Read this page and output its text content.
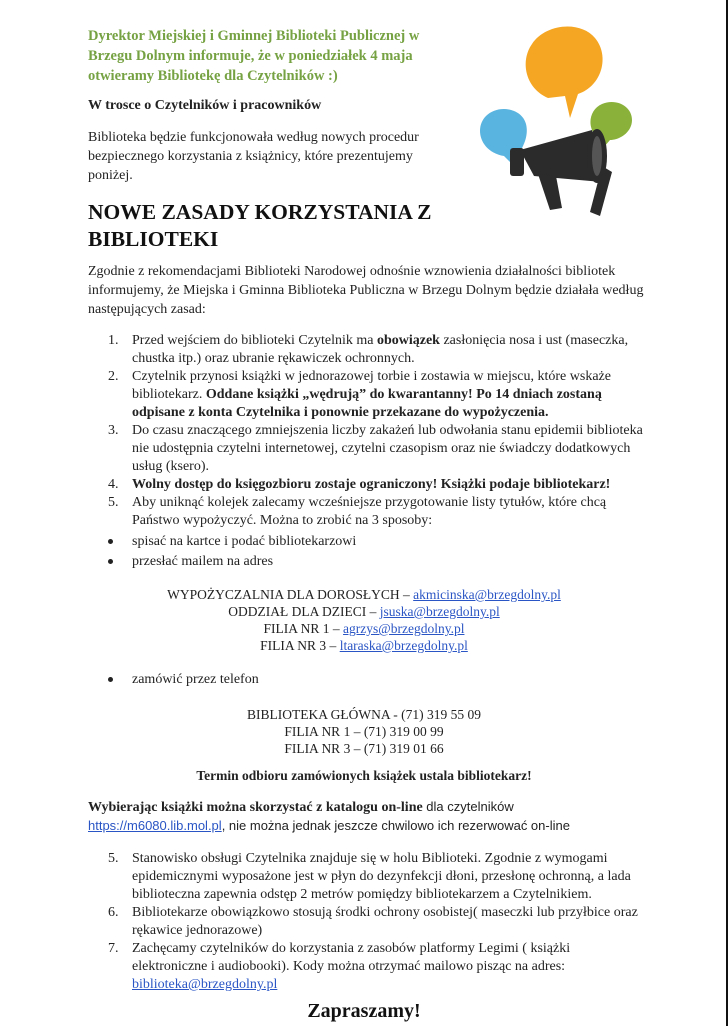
Dyrektor Miejskiej i Gminnej Biblioteki Publicznej w Brzegu Dolnym informuje, że w poniedziałek 4 maja otwieramy Bibliotekę dla Czytelników :)
W trosce o Czytelników i pracowników
Biblioteka będzie funkcjonowała według nowych procedur bezpiecznego korzystania z książnicy, które prezentujemy poniżej.
NOWE ZASADY KORZYSTANIA Z BIBLIOTEKI
Zgodnie z rekomendacjami Biblioteki Narodowej odnośnie wznowienia działalności bibliotek informujemy, że Miejska i Gminna Biblioteka Publiczna w Brzegu Dolnym będzie działała według następujących zasad:
1. Przed wejściem do biblioteki Czytelnik ma obowiązek zasłonięcia nosa i ust (maseczka, chustka itp.) oraz ubranie rękawiczek ochronnych.
2. Czytelnik przynosi książki w jednorazowej torbie i zostawia w miejscu, które wskaże bibliotekarz. Oddane książki „wędrują” do kwarantanny! Po 14 dniach zostaną odpisane z konta Czytelnika i ponownie przekazane do wypożyczenia.
3. Do czasu znaczącego zmniejszenia liczby zakażeń lub odwołania stanu epidemii biblioteka nie udostępnia czytelni internetowej, czytelni czasopism oraz nie świadczy dodatkowych usług (ksero).
4. Wolny dostęp do księgozbioru zostaje ograniczony! Książki podaje bibliotekarz!
5. Aby uniknąć kolejek zalecamy wcześniejsze przygotowanie listy tytułów, które chcą Państwo wypożyczyć. Można to zrobić na 3 sposoby:
spisać na kartce i podać bibliotekarzowi
przesłać mailem na adres
WYPOŻYCZALNIA DLA DOROSŁYCH – akmicinska@brzegdolny.pl
ODDZIAŁ DLA DZIECI – jsuska@brzegdolny.pl
FILIA NR 1 – agrzys@brzegdolny.pl
FILIA NR 3 – ltaraska@brzegdolny.pl
zamówić przez telefon
BIBLIOTEKA GŁÓWNA - (71) 319 55 09
FILIA NR 1 – (71) 319 00 99
FILIA NR 3 – (71) 319 01 66
Termin odbioru zamówionych książek ustala bibliotekarz!
Wybierając książki można skorzystać z katalogu on-line dla czytelników
https://m6080.lib.mol.pl, nie można jednak jeszcze chwilowo ich rezerwować on-line
5. Stanowisko obsługi Czytelnika znajduje się w holu Biblioteki. Zgodnie z wymogami epidemicznymi wyposażone jest w płyn do dezynfekcji dłoni, przesłonę ochronną, a lada biblioteczna zapewnia odstęp 2 metrów pomiędzy bibliotekarzem a Czytelnikiem.
6. Bibliotekarze obowiązkowo stosują środki ochrony osobistej( maseczki lub przyłbice oraz rękawice jednorazowe)
7. Zachęcamy czytelników do korzystania z zasobów platformy Legimi ( książki elektroniczne i audiobooki). Kody można otrzymać mailowo pisząc na adres: biblioteka@brzegdolny.pl
Zapraszamy!
